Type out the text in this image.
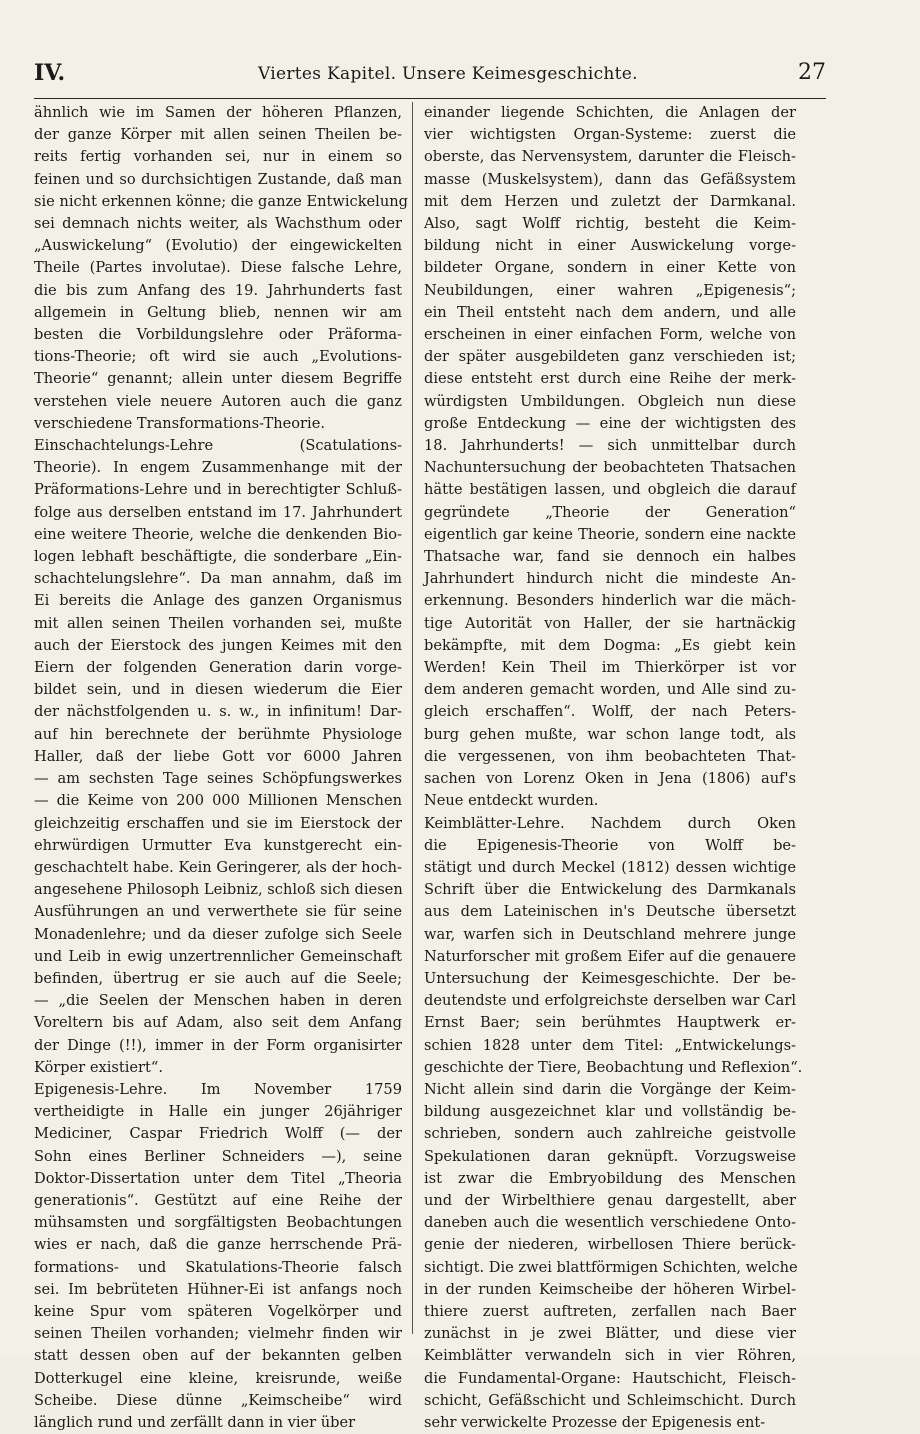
IV.	Viertes Kapitel. Unsere Keimesgeschichte.	27
ähnlich wie im Samen der höheren Pflanzen,
der ganze Körper mit allen seinen Theilen be-
reits fertig vorhanden sei, nur in einem so
feinen und so durchsichtigen Zustande, daß man
sie nicht erkennen könne; die ganze Entwickelung
sei demnach nichts weiter, als Wachsthum oder
„Auswickelung“ (Evolutio) der eingewickelten
Theile (Partes involutae). Diese falsche Lehre,
die bis zum Anfang des 19. Jahrhunderts fast
allgemein in Geltung blieb, nennen wir am
besten die Vorbildungslehre oder Präforma-
tions-Theorie; oft wird sie auch „Evolutions-
Theorie“ genannt; allein unter diesem Begriffe
verstehen viele neuere Autoren auch die ganz
verschiedene Transformations-Theorie.
Einschachtelungs-Lehre (Scatulations-
Theorie). In engem Zusammenhange mit der
Präformations-Lehre und in berechtigter Schluß-
folge aus derselben entstand im 17. Jahrhundert
eine weitere Theorie, welche die denkenden Bio-
logen lebhaft beschäftigte, die sonderbare „Ein-
schachtelungslehre“. Da man annahm, daß im
Ei bereits die Anlage des ganzen Organismus
mit allen seinen Theilen vorhanden sei, mußte
auch der Eierstock des jungen Keimes mit den
Eiern der folgenden Generation darin vorge-
bildet sein, und in diesen wiederum die Eier
der nächstfolgenden u. s. w., in infinitum! Dar-
auf hin berechnete der berühmte Physiologe
Haller, daß der liebe Gott vor 6000 Jahren
— am sechsten Tage seines Schöpfungswerkes
— die Keime von 200 000 Millionen Menschen
gleichzeitig erschaffen und sie im Eierstock der
ehrwürdigen Urmutter Eva kunstgerecht ein-
geschachtelt habe. Kein Geringerer, als der hoch-
angesehene Philosoph Leibniz, schloß sich diesen
Ausführungen an und verwerthete sie für seine
Monadenlehre; und da dieser zufolge sich Seele
und Leib in ewig unzertrennlicher Gemeinschaft
befinden, übertrug er sie auch auf die Seele;
— „die Seelen der Menschen haben in deren
Voreltern bis auf Adam, also seit dem Anfang
der Dinge (!!), immer in der Form organisirter
Körper existiert“.
Epigenesis-Lehre. Im November 1759
vertheidigte in Halle ein junger 26jähriger
Mediciner, Caspar Friedrich Wolff (— der
Sohn eines Berliner Schneiders —), seine
Doktor-Dissertation unter dem Titel „Theoria
generationis“. Gestützt auf eine Reihe der
mühsamsten und sorgfältigsten Beobachtungen
wies er nach, daß die ganze herrschende Prä-
formations- und Skatulations-Theorie falsch
sei. Im bebrüteten Hühner-Ei ist anfangs noch
keine Spur vom späteren Vogelkörper und
seinen Theilen vorhanden; vielmehr finden wir
statt dessen oben auf der bekannten gelben
Dotterkugel eine kleine, kreisrunde, weiße
Scheibe. Diese dünne „Keimscheibe“ wird
länglich rund und zerfällt dann in vier über
einander liegende Schichten, die Anlagen der
vier wichtigsten Organ-Systeme: zuerst die
oberste, das Nervensystem, darunter die Fleisch-
masse (Muskelsystem), dann das Gefäßsystem
mit dem Herzen und zuletzt der Darmkanal.
Also, sagt Wolff richtig, besteht die Keim-
bildung nicht in einer Auswickelung vorge-
bildeter Organe, sondern in einer Kette von
Neubildungen, einer wahren „Epigenesis“;
ein Theil entsteht nach dem andern, und alle
erscheinen in einer einfachen Form, welche von
der später ausgebildeten ganz verschieden ist;
diese entsteht erst durch eine Reihe der merk-
würdigsten Umbildungen. Obgleich nun diese
große Entdeckung — eine der wichtigsten des
18. Jahrhunderts! — sich unmittelbar durch
Nachuntersuchung der beobachteten Thatsachen
hätte bestätigen lassen, und obgleich die darauf
gegründete „Theorie der Generation“
eigentlich gar keine Theorie, sondern eine nackte
Thatsache war, fand sie dennoch ein halbes
Jahrhundert hindurch nicht die mindeste An-
erkennung. Besonders hinderlich war die mäch-
tige Autorität von Haller, der sie hartnäckig
bekämpfte, mit dem Dogma: „Es giebt kein
Werden! Kein Theil im Thierkörper ist vor
dem anderen gemacht worden, und Alle sind zu-
gleich erschaffen“. Wolff, der nach Peters-
burg gehen mußte, war schon lange todt, als
die vergessenen, von ihm beobachteten That-
sachen von Lorenz Oken in Jena (1806) auf's
Neue entdeckt wurden.
Keimblätter-Lehre. Nachdem durch Oken
die Epigenesis-Theorie von Wolff be-
stätigt und durch Meckel (1812) dessen wichtige
Schrift über die Entwickelung des Darmkanals
aus dem Lateinischen in's Deutsche übersetzt
war, warfen sich in Deutschland mehrere junge
Naturforscher mit großem Eifer auf die genauere
Untersuchung der Keimesgeschichte. Der be-
deutendste und erfolgreichste derselben war Carl
Ernst Baer; sein berühmtes Hauptwerk er-
schien 1828 unter dem Titel: „Entwickelungs-
geschichte der Tiere, Beobachtung und Reflexion“.
Nicht allein sind darin die Vorgänge der Keim-
bildung ausgezeichnet klar und vollständig be-
schrieben, sondern auch zahlreiche geistvolle
Spekulationen daran geknüpft. Vorzugsweise
ist zwar die Embryobildung des Menschen
und der Wirbelthiere genau dargestellt, aber
daneben auch die wesentlich verschiedene Onto-
genie der niederen, wirbellosen Thiere berück-
sichtigt. Die zwei blattförmigen Schichten, welche
in der runden Keimscheibe der höheren Wirbel-
thiere zuerst auftreten, zerfallen nach Baer
zunächst in je zwei Blätter, und diese vier
Keimblätter verwandeln sich in vier Röhren,
die Fundamental-Organe: Hautschicht, Fleisch-
schicht, Gefäßschicht und Schleimschicht. Durch
sehr verwickelte Prozesse der Epigenesis ent-
